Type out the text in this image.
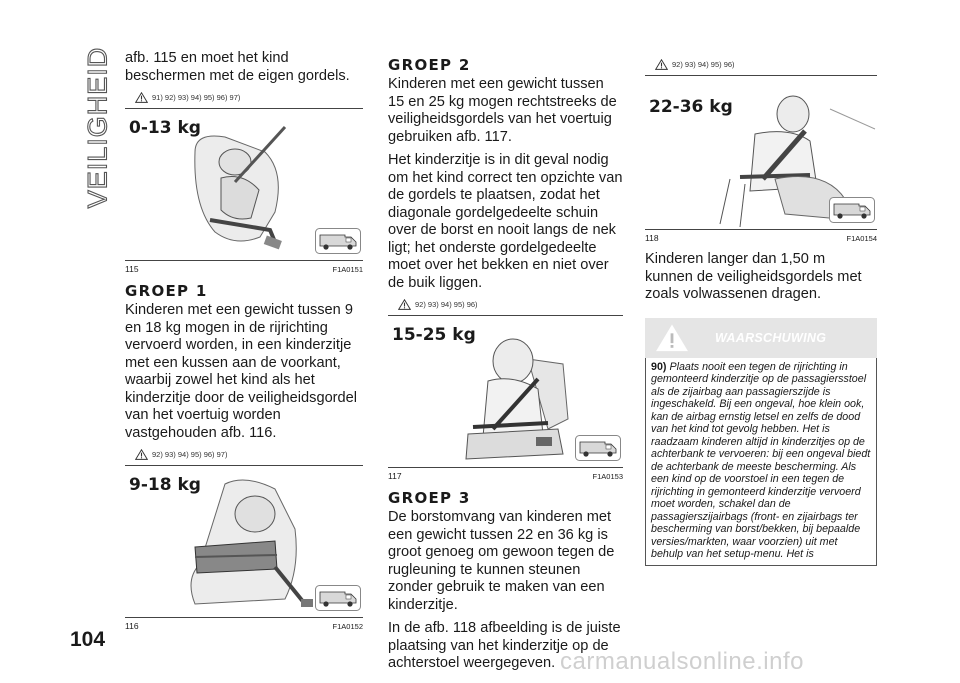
VEILIGHEID afb. 115 en moet het kind beschermen met de eigen gordels.

91) 92) 93) 94) 95) 96) 97)
0-13 kg
115	F1A0151
GROEP 1

Kinderen met een gewicht tussen 9 en 18 kg mogen in de rijrichting vervoerd worden, in een kinderzitje met een kussen aan de voorkant, waarbij zowel het kind als het kinderzitje door de veiligheidsgordel van het voertuig worden vastgehouden afb. 116.

92) 93) 94) 95) 96) 97)
9-18 kg
116	F1A0152
GROEP 2

Kinderen met een gewicht tussen 15 en 25 kg mogen rechtstreeks de veiligheidsgordels van het voertuig gebruiken afb. 117.

Het kinderzitje is in dit geval nodig om het kind correct ten opzichte van de gordels te plaatsen, zodat het diagonale gordelgedeelte schuin over de borst en nooit langs de nek ligt; het onderste gordelgedeelte moet over het bekken en niet over de buik liggen.

92) 93) 94) 95) 96)
15-25 kg
117	F1A0153
GROEP 3

De borstomvang van kinderen met een gewicht tussen 22 en 36 kg is groot genoeg om gewoon tegen de rugleuning te kunnen steunen zonder gebruik te maken van een kinderzitje.

In de afb. 118 afbeelding is de juiste plaatsing van het kinderzitje op de achterstoel weergegeven.

92) 93) 94) 95) 96)
22-36 kg
118	F1A0154

Kinderen langer dan 1,50 m kunnen de veiligheidsgordels met zoals volwassenen dragen.

WAARSCHUWING
90) Plaats nooit een tegen de rijrichting in gemonteerd kinderzitje op de passagiersstoel als de zijairbag aan passagierszijde is ingeschakeld. Bij een ongeval, hoe klein ook, kan de airbag ernstig letsel en zelfs de dood van het kind tot gevolg hebben. Het is raadzaam kinderen altijd in kinderzitjes op de achterbank te vervoeren: bij een ongeval biedt de achterbank de meeste bescherming. Als een kind op de voorstoel in een tegen de rijrichting in gemonteerd kinderzitje vervoerd moet worden, schakel dan de passagierszijairbags (front- en zijairbags ter bescherming van borst/bekken, bij bepaalde versies/markten, waar voorzien) uit met behulp van het setup-menu. Het is
104
carmanualsonline.info
